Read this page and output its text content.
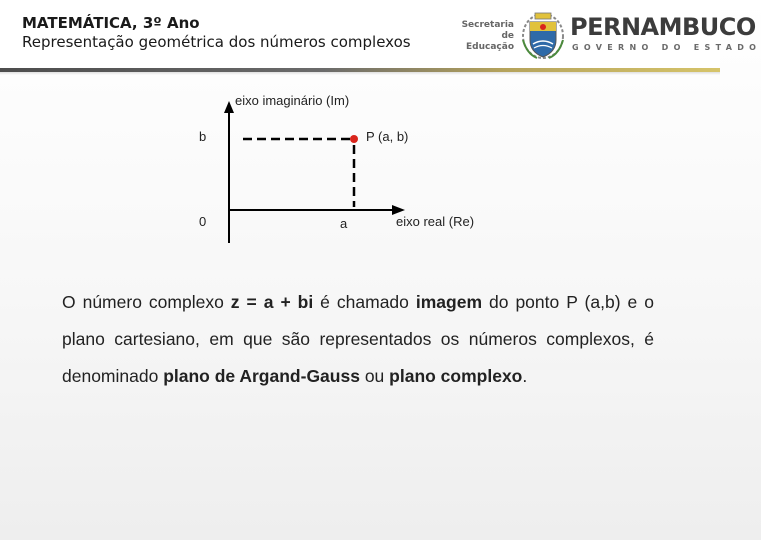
MATEMÁTICA, 3º Ano
Representação geométrica dos números complexos
Secretaria de
Educação
PERNAMBUCO
GOVERNO DO ESTADO
eixo imaginário (Im)
P (a, b)
b
0	a	eixo real (Re)
O número complexo z = a + bi é chamado imagem do ponto P (a,b) e o plano cartesiano, em que são representados os números complexos, é denominado plano de Argand-Gauss ou plano complexo.
